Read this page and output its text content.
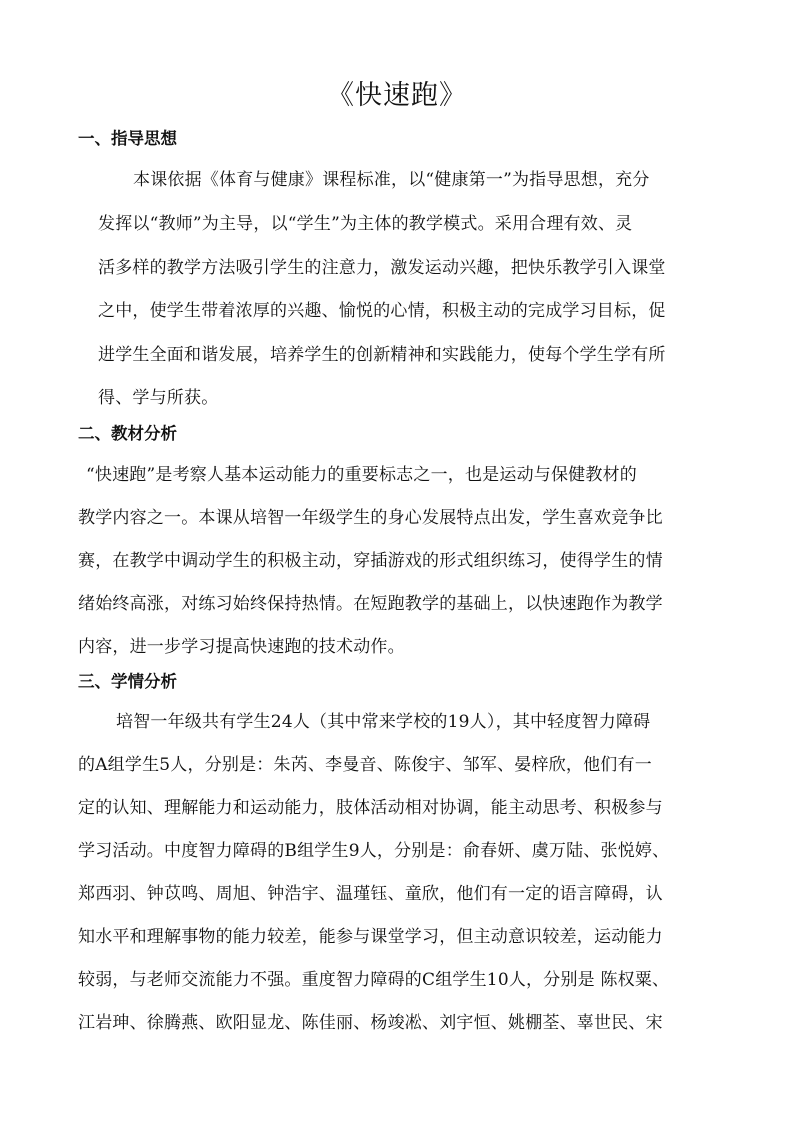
《快速跑》
一、指导思想
本课依据《体育与健康》课程标准，以“健康第一”为指导思想，充分
发挥以“教师”为主导，以“学生”为主体的教学模式。采用合理有效、灵
活多样的教学方法吸引学生的注意力，激发运动兴趣，把快乐教学引入课堂
之中，使学生带着浓厚的兴趣、愉悦的心情，积极主动的完成学习目标，促
进学生全面和谐发展，培养学生的创新精神和实践能力，使每个学生学有所
得、学与所获。
二、教材分析
“快速跑”是考察人基本运动能力的重要标志之一，也是运动与保健教材的
教学内容之一。本课从培智一年级学生的身心发展特点出发，学生喜欢竞争比
赛，在教学中调动学生的积极主动，穿插游戏的形式组织练习，使得学生的情
绪始终高涨，对练习始终保持热情。在短跑教学的基础上，以快速跑作为教学
内容，进一步学习提高快速跑的技术动作。
三、学情分析
培智一年级共有学生24人（其中常来学校的19人），其中轻度智力障碍
的A组学生5人，分别是：朱芮、李曼音、陈俊宇、邹军、晏梓欣，他们有一
定的认知、理解能力和运动能力，肢体活动相对协调，能主动思考、积极参与
学习活动。中度智力障碍的B组学生9人，分别是：俞春妍、虞万陆、张悦婷、
郑西羽、钟苡鸣、周旭、钟浩宇、温瑾钰、童欣，他们有一定的语言障碍，认
知水平和理解事物的能力较差，能参与课堂学习，但主动意识较差，运动能力
较弱，与老师交流能力不强。重度智力障碍的C组学生10人，分别是 陈权粟、
江岩珅、徐腾燕、欧阳显龙、陈佳丽、杨竣凇、刘宇恒、姚棚荃、辜世民、宋
